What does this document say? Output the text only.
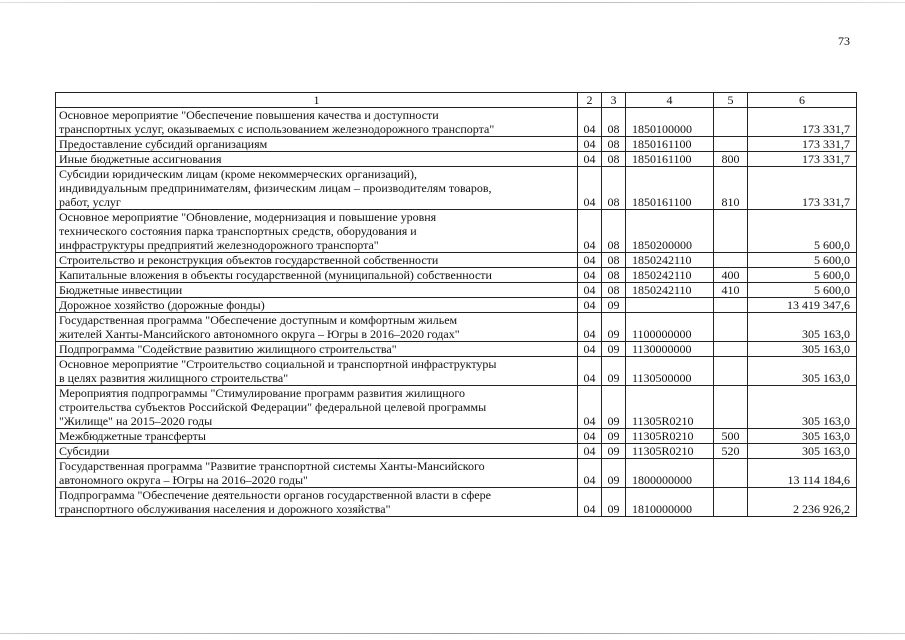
73
1	2	3	4	5	6

Основное мероприятие "Обеспечение повышения качества и доступности
транспортных услуг, оказываемых с использованием железнодорожного транспорта"	04	08	1850100000		173 331,7

Предоставление субсидий организациям	04	08	1850161100		173 331,7

Иные бюджетные ассигнования	04	08	1850161100	800	173 331,7

Субсидии юридическим лицам (кроме некоммерческих организаций),
индивидуальным предпринимателям, физическим лицам – производителям товаров,
работ, услуг	04	08	1850161100	810	173 331,7

Основное мероприятие "Обновление, модернизация и повышение уровня
технического состояния парка транспортных средств, оборудования и
инфраструктуры предприятий железнодорожного транспорта"	04	08	1850200000		5 600,0

Строительство и реконструкция объектов государственной собственности	04	08	1850242110		5 600,0

Капитальные вложения в объекты государственной (муниципальной) собственности	04	08	1850242110	400	5 600,0

Бюджетные инвестиции	04	08	1850242110	410	5 600,0

Дорожное хозяйство (дорожные фонды)	04	09			13 419 347,6

Государственная программа "Обеспечение доступным и комфортным жильем
жителей Ханты-Мансийского автономного округа – Югры в 2016–2020 годах"	04	09	1100000000		305 163,0

Подпрограмма "Содействие развитию жилищного строительства"	04	09	1130000000		305 163,0

Основное мероприятие "Строительство социальной и транспортной инфраструктуры
в целях развития жилищного строительства"	04	09	1130500000		305 163,0

Мероприятия подпрограммы "Стимулирование программ развития жилищного
строительства субъектов Российской Федерации" федеральной целевой программы
"Жилище" на 2015–2020 годы	04	09	11305R0210		305 163,0

Межбюджетные трансферты	04	09	11305R0210	500	305 163,0

Субсидии	04	09	11305R0210	520	305 163,0

Государственная программа "Развитие транспортной системы Ханты-Мансийского
автономного округа – Югры на 2016–2020 годы"	04	09	1800000000		13 114 184,6

Подпрограмма "Обеспечение деятельности органов государственной власти в сфере
транспортного обслуживания населения и дорожного хозяйства"	04	09	1810000000		2 236 926,2
